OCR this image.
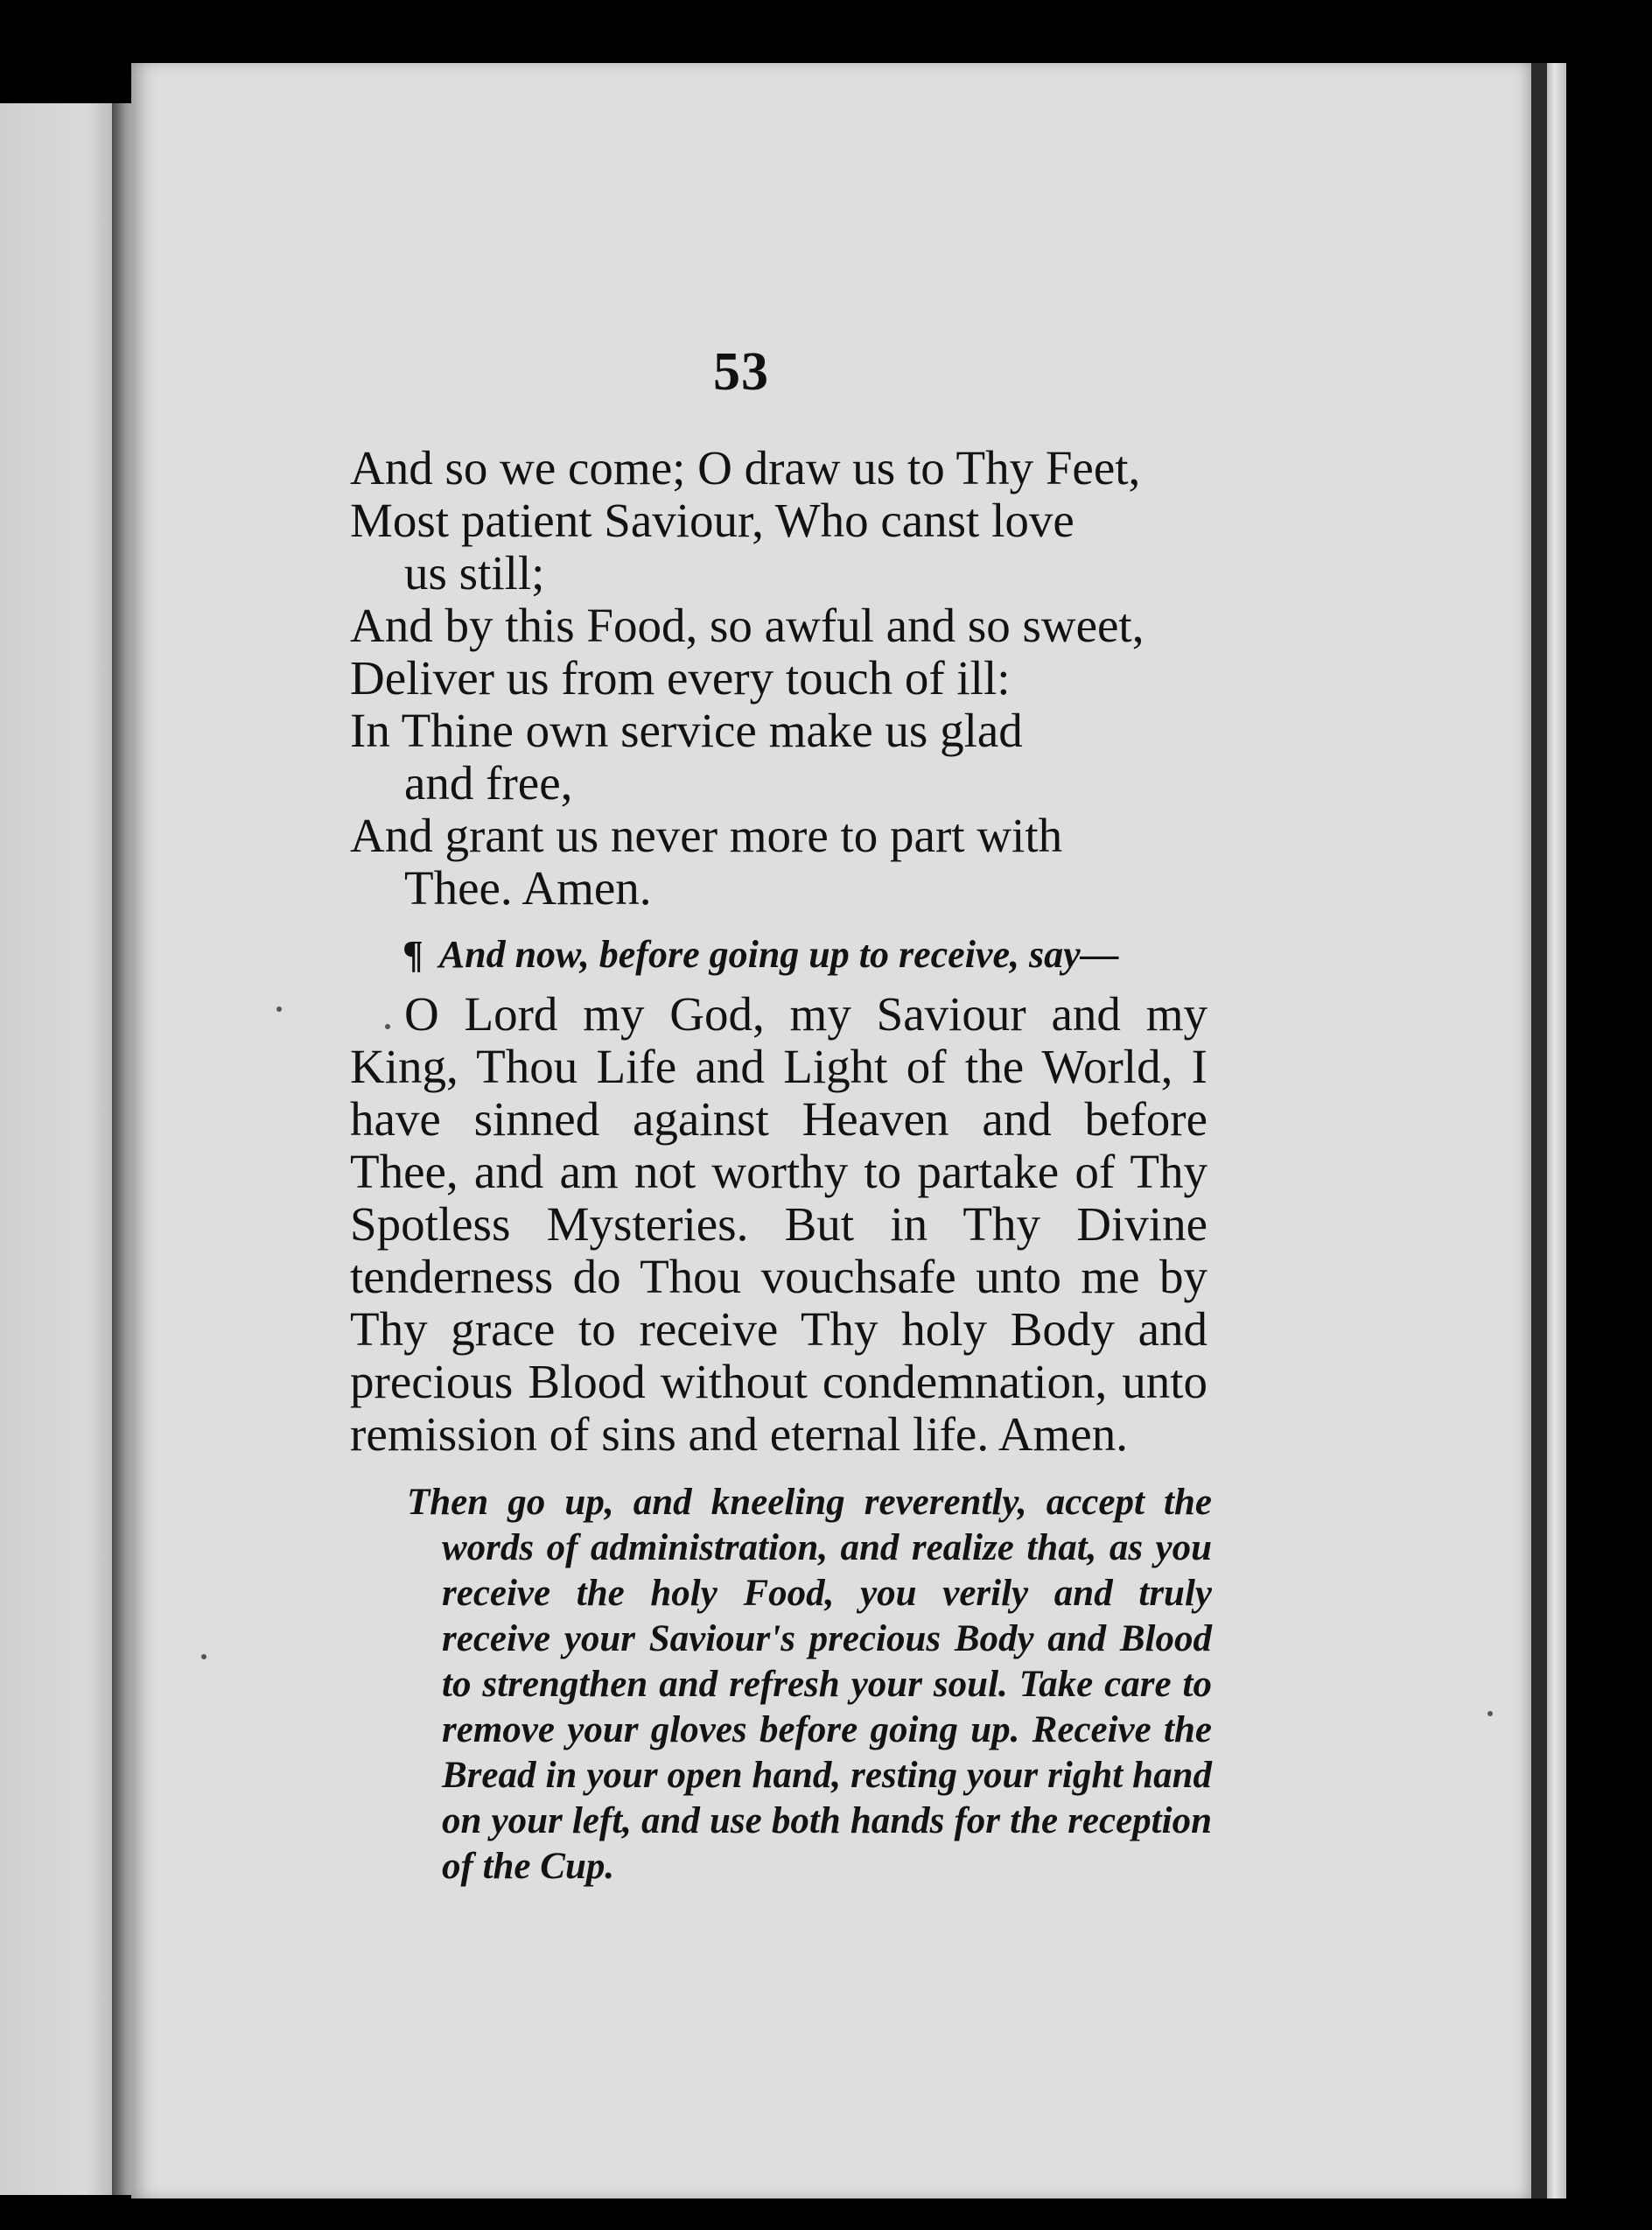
53
And so we come; O draw us to Thy Feet,
Most patient Saviour, Who canst love
us still;
And by this Food, so awful and so sweet,
Deliver us from every touch of ill:
In Thine own service make us glad
and free,
And grant us never more to part with
Thee. Amen.
¶ And now, before going up to receive, say—
O Lord my God, my Saviour and my King, Thou Life and Light of the World, I have sinned against Heaven and before Thee, and am not worthy to partake of Thy Spotless Mysteries. But in Thy Divine tenderness do Thou vouchsafe unto me by Thy grace to receive Thy holy Body and precious Blood without condemnation, unto remission of sins and eternal life. Amen.
Then go up, and kneeling reverently, accept the words of administration, and realize that, as you receive the holy Food, you verily and truly receive your Saviour's precious Body and Blood to strengthen and refresh your soul. Take care to remove your gloves before going up. Receive the Bread in your open hand, resting your right hand on your left, and use both hands for the reception of the Cup.
